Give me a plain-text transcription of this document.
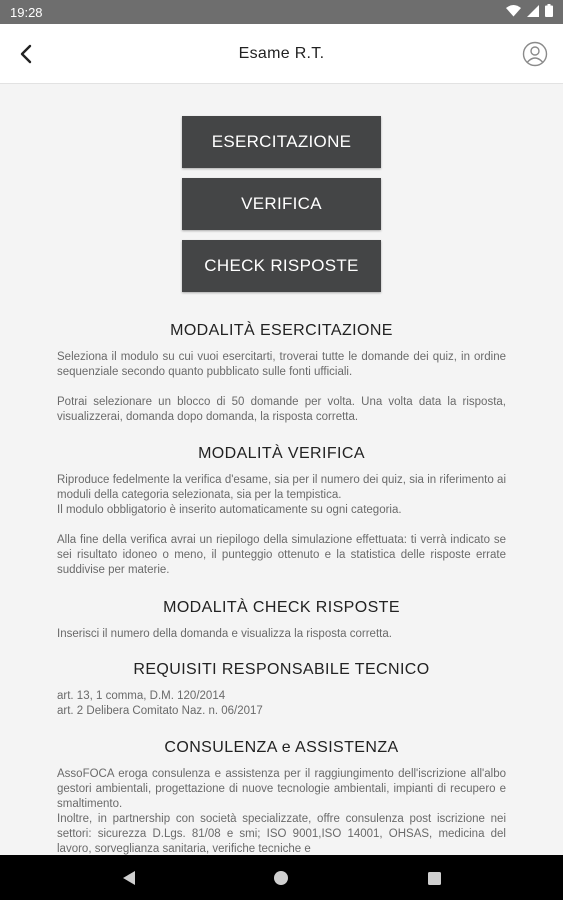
19:28
Esame R.T.
ESERCITAZIONE
VERIFICA
CHECK RISPOSTE
MODALITÀ ESERCITAZIONE

Seleziona il modulo su cui vuoi esercitarti, troverai tutte le domande dei quiz, in ordine sequenziale secondo quanto pubblicato sulle fonti ufficiali.

Potrai selezionare un blocco di 50 domande per volta. Una volta data la risposta, visualizzerai, domanda dopo domanda, la risposta corretta.

MODALITÀ VERIFICA

Riproduce fedelmente la verifica d'esame, sia per il numero dei quiz, sia in riferimento ai moduli della categoria selezionata, sia per la tempistica.

Il modulo obbligatorio è inserito automaticamente su ogni categoria.

Alla fine della verifica avrai un riepilogo della simulazione effettuata: ti verrà indicato se sei risultato idoneo o meno, il punteggio ottenuto e la statistica delle risposte errate suddivise per materie.

MODALITÀ CHECK RISPOSTE

Inserisci il numero della domanda e visualizza la risposta corretta.

REQUISITI RESPONSABILE TECNICO

art. 13, 1 comma, D.M. 120/2014

art. 2 Delibera Comitato Naz. n. 06/2017

CONSULENZA e ASSISTENZA

AssoFOCA eroga consulenza e assistenza per il raggiungimento dell'iscrizione all'albo gestori ambientali, progettazione di nuove tecnologie ambientali, impianti di recupero e smaltimento.

Inoltre, in partnership con società specializzate, offre consulenza post iscrizione nei settori: sicurezza D.Lgs. 81/08 e smi; ISO 9001,ISO 14001, OHSAS, medicina del lavoro, sorveglianza sanitaria, verifiche tecniche e
